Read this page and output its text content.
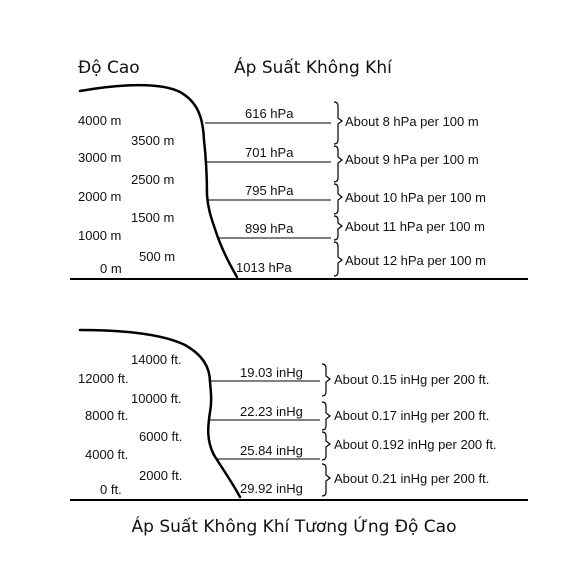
Độ Cao	Áp Suất Không Khí
4000 m
3500 m
3000 m
2500 m
2000 m
1500 m
1000 m
500 m
0 m
616 hPa
701 hPa
795 hPa
899 hPa
1013 hPa
About 8 hPa per 100 m
About 9 hPa per 100 m
About 10 hPa per 100 m
About 11 hPa per 100 m
About 12 hPa per 100 m
14000 ft.
12000 ft.
10000 ft.
8000 ft.
6000 ft.
4000 ft.
2000 ft.
0 ft.
19.03 inHg
22.23 inHg
25.84 inHg
29.92 inHg
About 0.15 inHg per 200 ft.
About 0.17 inHg per 200 ft.
About 0.192 inHg per 200 ft.
About 0.21 inHg per 200 ft.
Áp Suất Không Khí Tương Ứng Độ Cao
